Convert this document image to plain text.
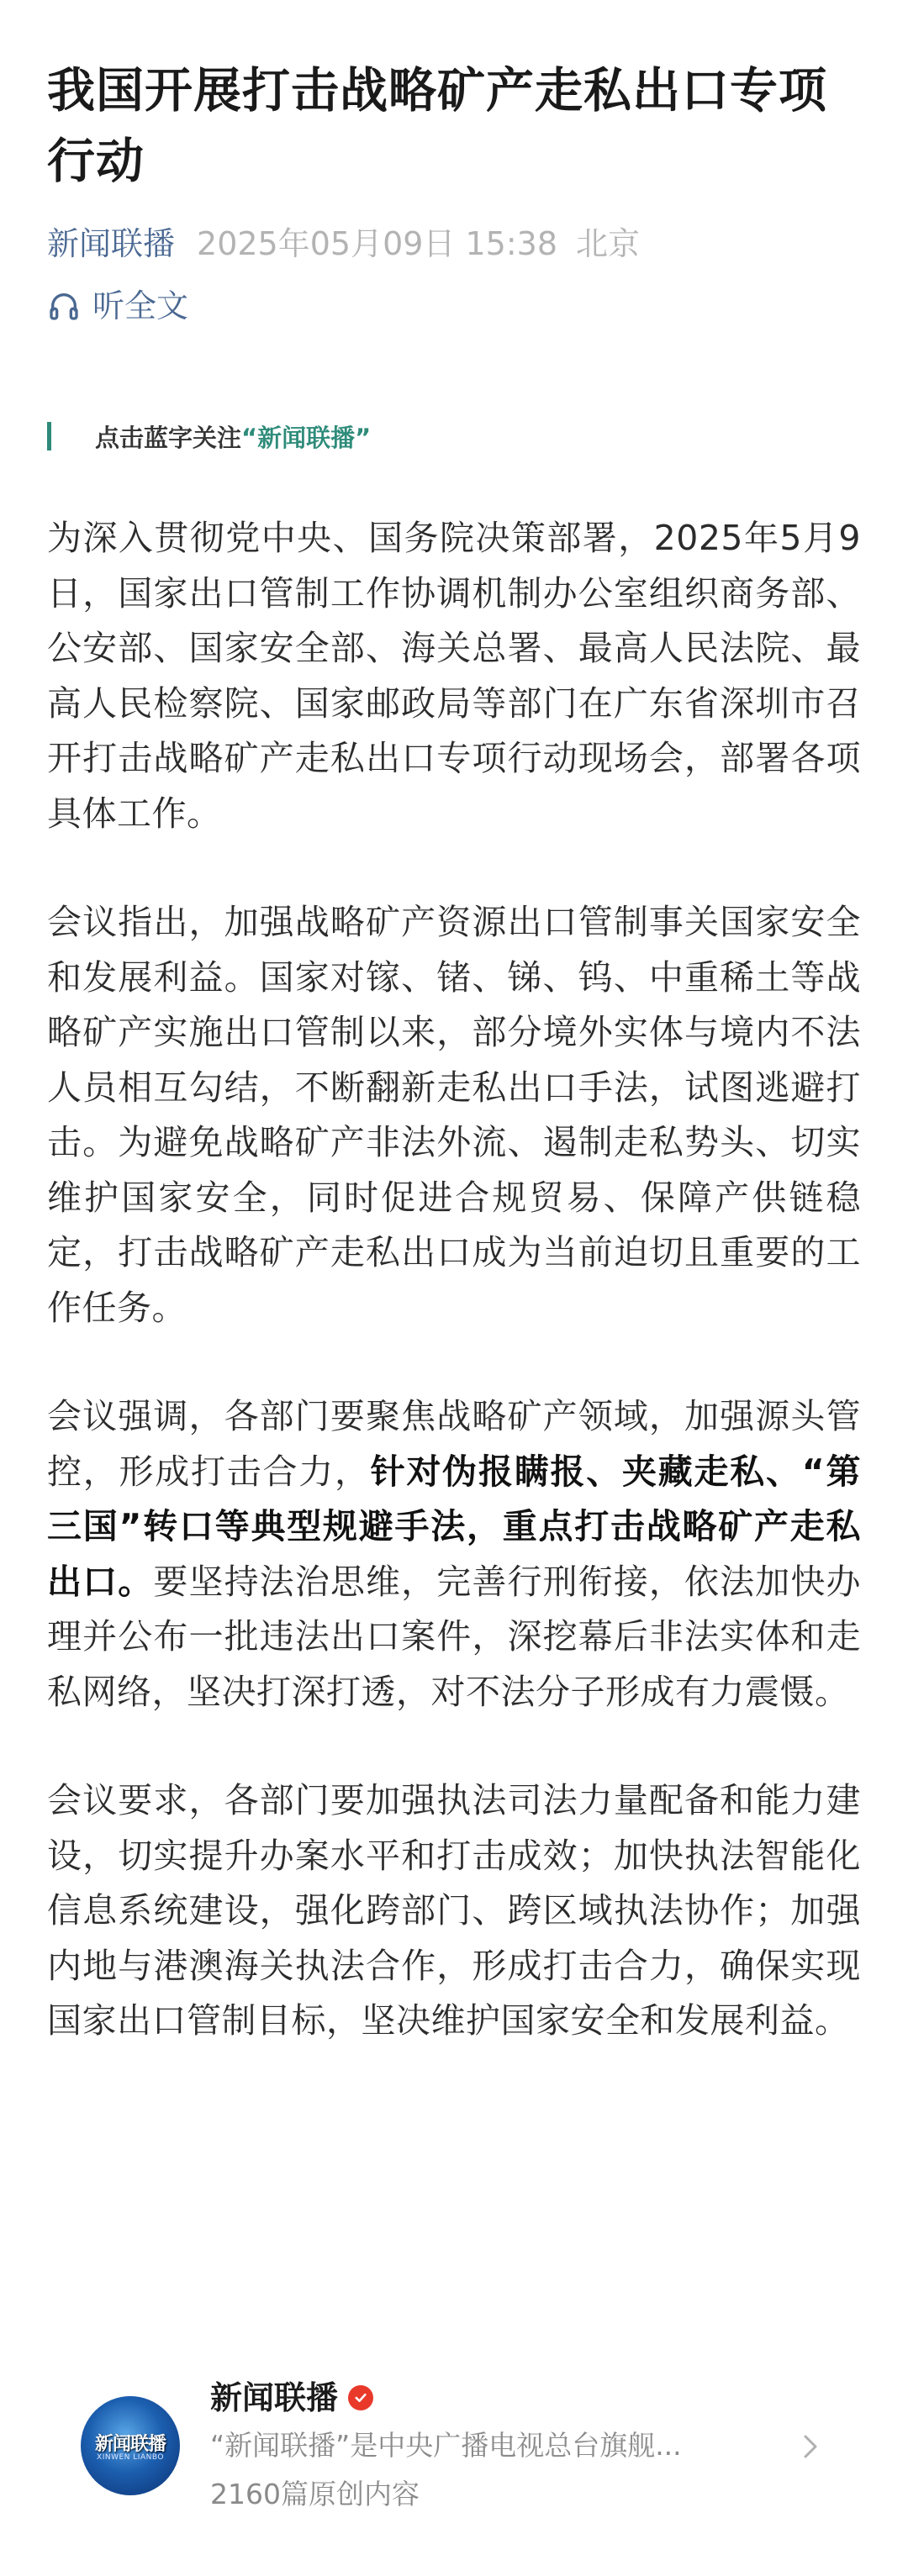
我国开展打击战略矿产走私出口专项行动
新闻联播 2025年05月09日 15:38 北京
听全文
点击蓝字关注“新闻联播”

为深入贯彻党中央、国务院决策部署，2025年5月9日，国家出口管制工作协调机制办公室组织商务部、公安部、国家安全部、海关总署、最高人民法院、最高人民检察院、国家邮政局等部门在广东省深圳市召开打击战略矿产走私出口专项行动现场会，部署各项具体工作。

会议指出，加强战略矿产资源出口管制事关国家安全和发展利益。国家对镓、锗、锑、钨、中重稀土等战略矿产实施出口管制以来，部分境外实体与境内不法人员相互勾结，不断翻新走私出口手法，试图逃避打击。为避免战略矿产非法外流、遏制走私势头、切实维护国家安全，同时促进合规贸易、保障产供链稳定，打击战略矿产走私出口成为当前迫切且重要的工作任务。

会议强调，各部门要聚焦战略矿产领域，加强源头管控，形成打击合力，针对伪报瞒报、夹藏走私、“第三国”转口等典型规避手法，重点打击战略矿产走私出口。要坚持法治思维，完善行刑衔接，依法加快办理并公布一批违法出口案件，深挖幕后非法实体和走私网络，坚决打深打透，对不法分子形成有力震慑。

会议要求，各部门要加强执法司法力量配备和能力建设，切实提升办案水平和打击成效；加快执法智能化信息系统建设，强化跨部门、跨区域执法协作；加强内地与港澳海关执法合作，形成打击合力，确保实现国家出口管制目标，坚决维护国家安全和发展利益。

新闻联播
XINWEN LIANBO
新闻联播
“新闻联播”是中央广播电视总台旗舰...
2160篇原创内容
